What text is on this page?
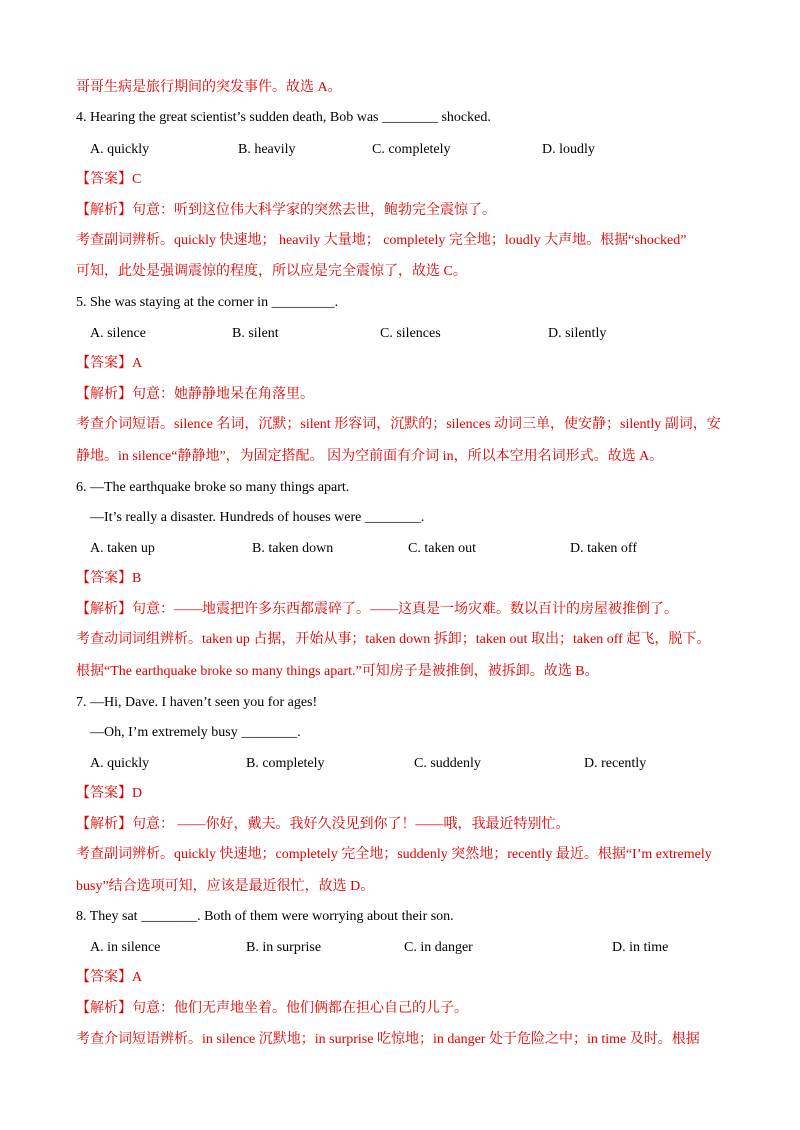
哥哥生病是旅行期间的突发事件。故选 A。
4. Hearing the great scientist’s sudden death, Bob was ________ shocked.
A. quickly	B. heavily	C. completely	D. loudly
【答案】C
【解析】句意：听到这位伟大科学家的突然去世，鲍勃完全震惊了。
考查副词辨析。quickly 快速地； heavily 大量地； completely 完全地；loudly 大声地。根据“shocked”
可知，此处是强调震惊的程度，所以应是完全震惊了，故选 C。
5. She was staying at the corner in _________.
A. silence	B. silent	C. silences	D. silently
【答案】A
【解析】句意：她静静地呆在角落里。
考查介词短语。silence 名词，沉默；silent 形容词，沉默的；silences 动词三单，使安静；silently 副词，安
静地。in silence“静静地”，为固定搭配。 因为空前面有介词 in，所以本空用名词形式。故选 A。
6. —The earthquake broke so many things apart.
—It’s really a disaster. Hundreds of houses were ________.
A. taken up	B. taken down	C. taken out	D. taken off
【答案】B
【解析】句意：——地震把许多东西都震碎了。——这真是一场灾难。数以百计的房屋被推倒了。
考查动词词组辨析。taken up 占据，开始从事；taken down 拆卸；taken out 取出；taken off 起飞，脱下。
根据“The earthquake broke so many things apart.”可知房子是被推倒，被拆卸。故选 B。
7. —Hi, Dave. I haven’t seen you for ages!
—Oh, I’m extremely busy ________.
A. quickly	B. completely	C. suddenly	D. recently
【答案】D
【解析】句意： ——你好，戴夫。我好久没见到你了！——哦，我最近特别忙。
考查副词辨析。quickly 快速地；completely 完全地；suddenly 突然地；recently 最近。根据“I’m extremely
busy”结合选项可知，应该是最近很忙，故选 D。
8. They sat ________. Both of them were worrying about their son.
A. in silence	B. in surprise	C. in danger	D. in time
【答案】A
【解析】句意：他们无声地坐着。他们俩都在担心自己的儿子。
考查介词短语辨析。in silence 沉默地；in surprise 吃惊地；in danger 处于危险之中；in time 及时。根据
